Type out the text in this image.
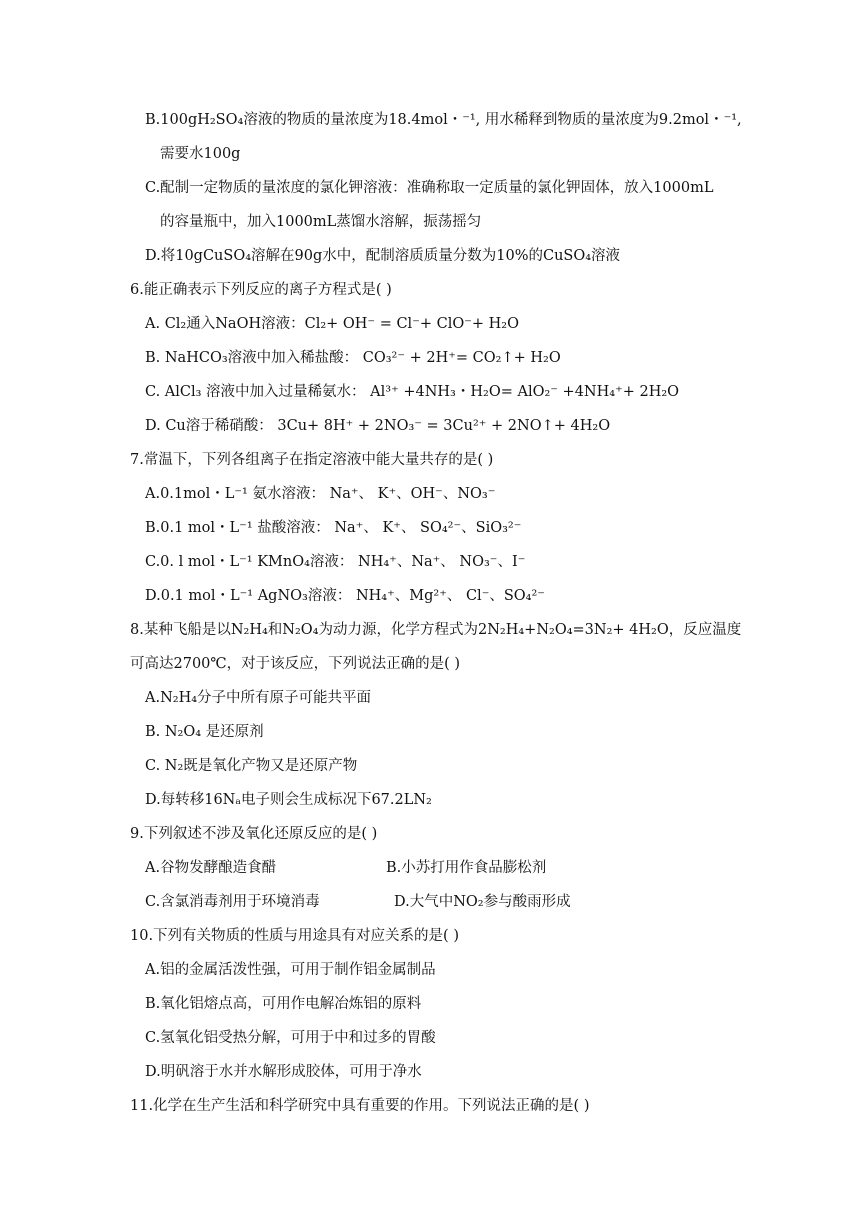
B.100gH₂SO₄溶液的物质的量浓度为18.4mol・⁻¹, 用水稀释到物质的量浓度为9.2mol・⁻¹,
需要水100g
C.配制一定物质的量浓度的氯化钾溶液：准确称取一定质量的氯化钾固体，放入1000mL
的容量瓶中，加入1000mL蒸馏水溶解，振荡摇匀
D.将10gCuSO₄溶解在90g水中，配制溶质质量分数为10%的CuSO₄溶液
6.能正确表示下列反应的离子方程式是( )
A. Cl₂通入NaOH溶液：Cl₂+ OH⁻ = Cl⁻+ ClO⁻+ H₂O
B. NaHCO₃溶液中加入稀盐酸： CO₃²⁻ + 2H⁺= CO₂↑+ H₂O
C. AlCl₃ 溶液中加入过量稀氨水： Al³⁺ +4NH₃・H₂O= AlO₂⁻ +4NH₄⁺+ 2H₂O
D. Cu溶于稀硝酸： 3Cu+ 8H⁺ + 2NO₃⁻ = 3Cu²⁺ + 2NO↑+ 4H₂O
7.常温下，下列各组离子在指定溶液中能大量共存的是( )
A.0.1mol・L⁻¹ 氨水溶液： Na⁺、 K⁺、OH⁻、NO₃⁻
B.0.1 mol・L⁻¹ 盐酸溶液： Na⁺、 K⁺、 SO₄²⁻、SiO₃²⁻
C.0. l mol・L⁻¹ KMnO₄溶液： NH₄⁺、Na⁺、 NO₃⁻、I⁻
D.0.1 mol・L⁻¹ AgNO₃溶液： NH₄⁺、Mg²⁺、 Cl⁻、SO₄²⁻
8.某种飞船是以N₂H₄和N₂O₄为动力源，化学方程式为2N₂H₄+N₂O₄=3N₂+ 4H₂O，反应温度
可高达2700℃，对于该反应，下列说法正确的是( )
A.N₂H₄分子中所有原子可能共平面
B. N₂O₄ 是还原剂
C. N₂既是氧化产物又是还原产物
D.每转移16Nₐ电子则会生成标况下67.2LN₂
9.下列叙述不涉及氧化还原反应的是( )
A.谷物发酵酿造食醋	B.小苏打用作食品膨松剂
C.含氯消毒剂用于环境消毒	D.大气中NO₂参与酸雨形成
10.下列有关物质的性质与用途具有对应关系的是( )
A.铝的金属活泼性强，可用于制作铝金属制品
B.氧化铝熔点高，可用作电解冶炼铝的原料
C.氢氧化铝受热分解，可用于中和过多的胃酸
D.明矾溶于水并水解形成胶体，可用于净水
11.化学在生产生活和科学研究中具有重要的作用。下列说法正确的是( )
